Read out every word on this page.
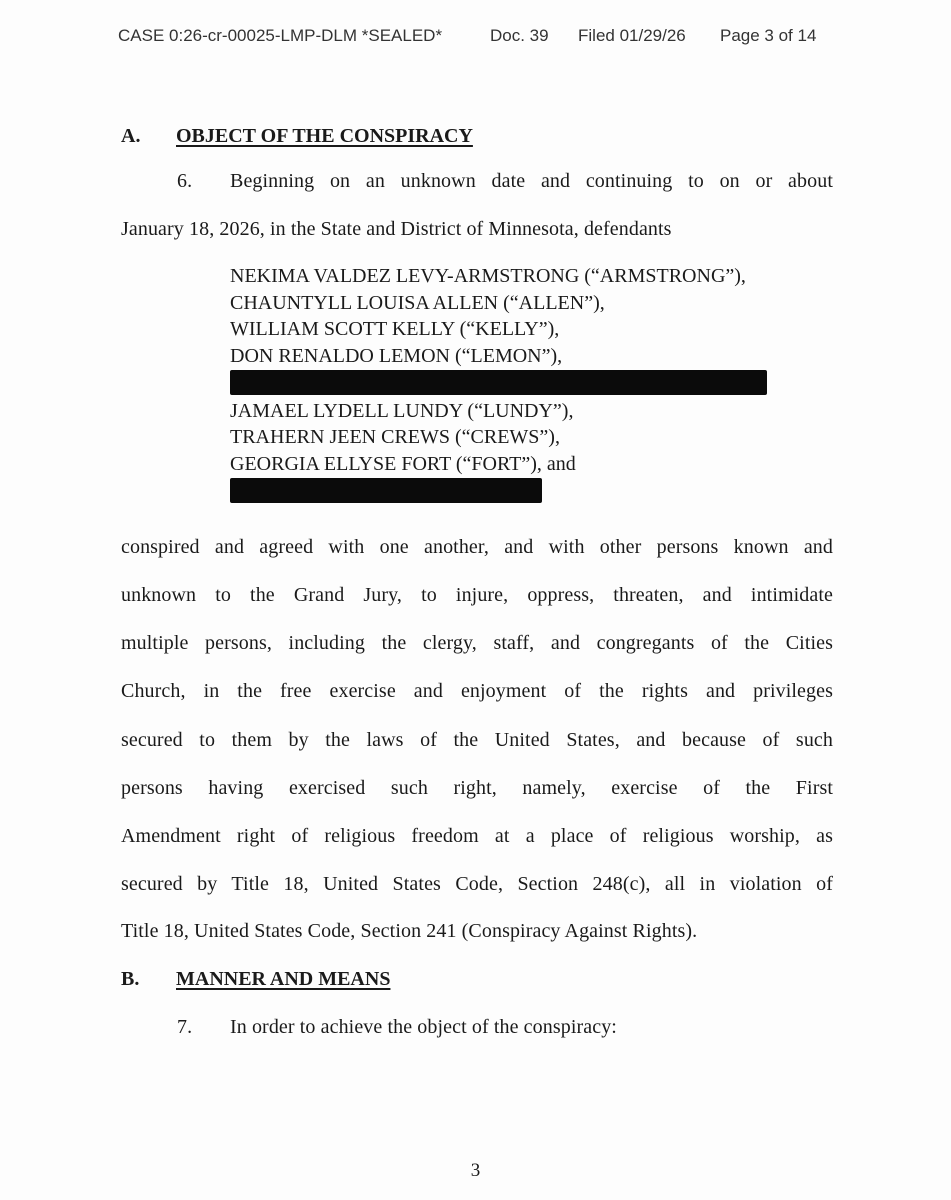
CASE 0:26-cr-00025-LMP-DLM *SEALED*	Doc. 39 Filed 01/29/26 Page 3 of 14
A. OBJECT OF THE CONSPIRACY
6. Beginning on an unknown date and continuing to on or about
January 18, 2026, in the State and District of Minnesota, defendants
NEKIMA VALDEZ LEVY-ARMSTRONG (“ARMSTRONG”),
CHAUNTYLL LOUISA ALLEN (“ALLEN”),
WILLIAM SCOTT KELLY (“KELLY”),
DON RENALDO LEMON (“LEMON”),
JAMAEL LYDELL LUNDY (“LUNDY”),
TRAHERN JEEN CREWS (“CREWS”),
GEORGIA ELLYSE FORT (“FORT”), and
conspired and agreed with one another, and with other persons known and
unknown to the Grand Jury, to injure, oppress, threaten, and intimidate
multiple persons, including the clergy, staff, and congregants of the Cities
Church, in the free exercise and enjoyment of the rights and privileges
secured to them by the laws of the United States, and because of such
persons having exercised such right, namely, exercise of the First
Amendment right of religious freedom at a place of religious worship, as
secured by Title 18, United States Code, Section 248(c), all in violation of
Title 18, United States Code, Section 241 (Conspiracy Against Rights).
B. MANNER AND MEANS
7. In order to achieve the object of the conspiracy:
3
